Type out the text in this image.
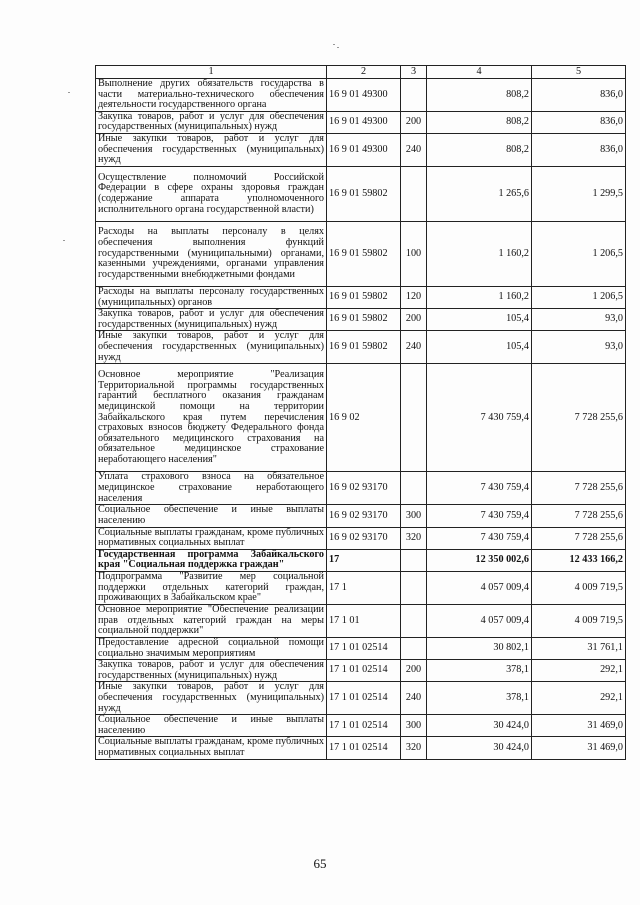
1	2	3	4	5
Выполнение других обязательств государства в части материально-технического обеспечения деятельности государственного органа	16 9 01 49300		808,2	836,0
Закупка товаров, работ и услуг для обеспечения государственных (муниципальных) нужд	16 9 01 49300	200	808,2	836,0
Иные закупки товаров, работ и услуг для обеспечения государственных (муниципальных) нужд	16 9 01 49300	240	808,2	836,0
Осуществление полномочий Российской Федерации в сфере охраны здоровья граждан (содержание аппарата уполномоченного исполнительного органа государственной власти)	16 9 01 59802		1 265,6	1 299,5
Расходы на выплаты персоналу в целях обеспечения выполнения функций государственными (муниципальными) органами, казенными учреждениями, органами управления государственными внебюджетными фондами	16 9 01 59802	100	1 160,2	1 206,5
Расходы на выплаты персоналу государственных (муниципальных) органов	16 9 01 59802	120	1 160,2	1 206,5
Закупка товаров, работ и услуг для обеспечения государственных (муниципальных) нужд	16 9 01 59802	200	105,4	93,0
Иные закупки товаров, работ и услуг для обеспечения государственных (муниципальных) нужд	16 9 01 59802	240	105,4	93,0
Основное мероприятие "Реализация Территориальной программы государственных гарантий бесплатного оказания гражданам медицинской помощи на территории Забайкальского края путем перечисления страховых взносов бюджету Федерального фонда обязательного медицинского страхования на обязательное медицинское страхование неработающего населения"	16 9 02		7 430 759,4	7 728 255,6
Уплата страхового взноса на обязательное медицинское страхование неработающего населения	16 9 02 93170		7 430 759,4	7 728 255,6
Социальное обеспечение и иные выплаты населению	16 9 02 93170	300	7 430 759,4	7 728 255,6
Социальные выплаты гражданам, кроме публичных нормативных социальных выплат	16 9 02 93170	320	7 430 759,4	7 728 255,6
Государственная программа Забайкальского края "Социальная поддержка граждан"	17		12 350 002,6	12 433 166,2
Подпрограмма "Развитие мер социальной поддержки отдельных категорий граждан, проживающих в Забайкальском крае"	17 1		4 057 009,4	4 009 719,5
Основное мероприятие "Обеспечение реализации прав отдельных категорий граждан на меры социальной поддержки"	17 1 01		4 057 009,4	4 009 719,5
Предоставление адресной социальной помощи социально значимым мероприятиям	17 1 01 02514		30 802,1	31 761,1
Закупка товаров, работ и услуг для обеспечения государственных (муниципальных) нужд	17 1 01 02514	200	378,1	292,1
Иные закупки товаров, работ и услуг для обеспечения государственных (муниципальных) нужд	17 1 01 02514	240	378,1	292,1
Социальное обеспечение и иные выплаты населению	17 1 01 02514	300	30 424,0	31 469,0
Социальные выплаты гражданам, кроме публичных нормативных социальных выплат	17 1 01 02514	320	30 424,0	31 469,0
65
